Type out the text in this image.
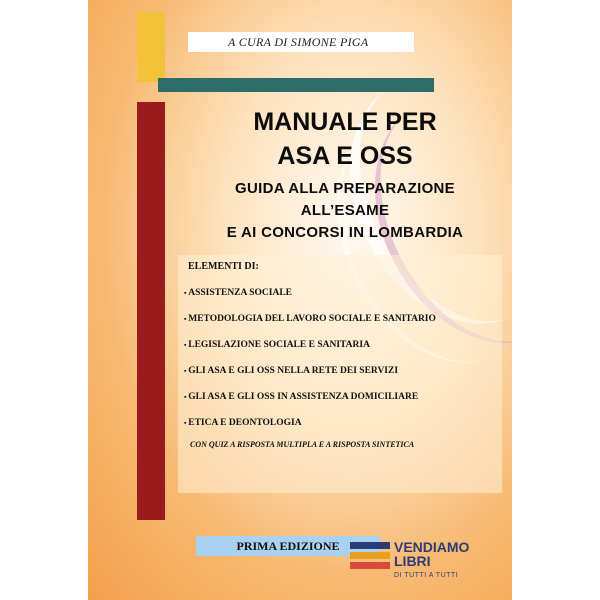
A CURA DI SIMONE PIGA
MANUALE PER
ASA E OSS
GUIDA ALLA PREPARAZIONE
ALL’ESAME
E AI CONCORSI IN LOMBARDIA
ELEMENTI DI:
▪ ASSISTENZA SOCIALE
▪ METODOLOGIA DEL LAVORO SOCIALE E SANITARIO
▪ LEGISLAZIONE SOCIALE E SANITARIA
▪ GLI ASA E GLI OSS NELLA RETE DEI SERVIZI
▪ GLI ASA E GLI OSS IN ASSISTENZA DOMICILIARE
▪ ETICA E DEONTOLOGIA
CON QUIZ A RISPOSTA MULTIPLA E A RISPOSTA SINTETICA
PRIMA EDIZIONE	VENDIAMO
LIBRI
DI TUTTI A TUTTI
